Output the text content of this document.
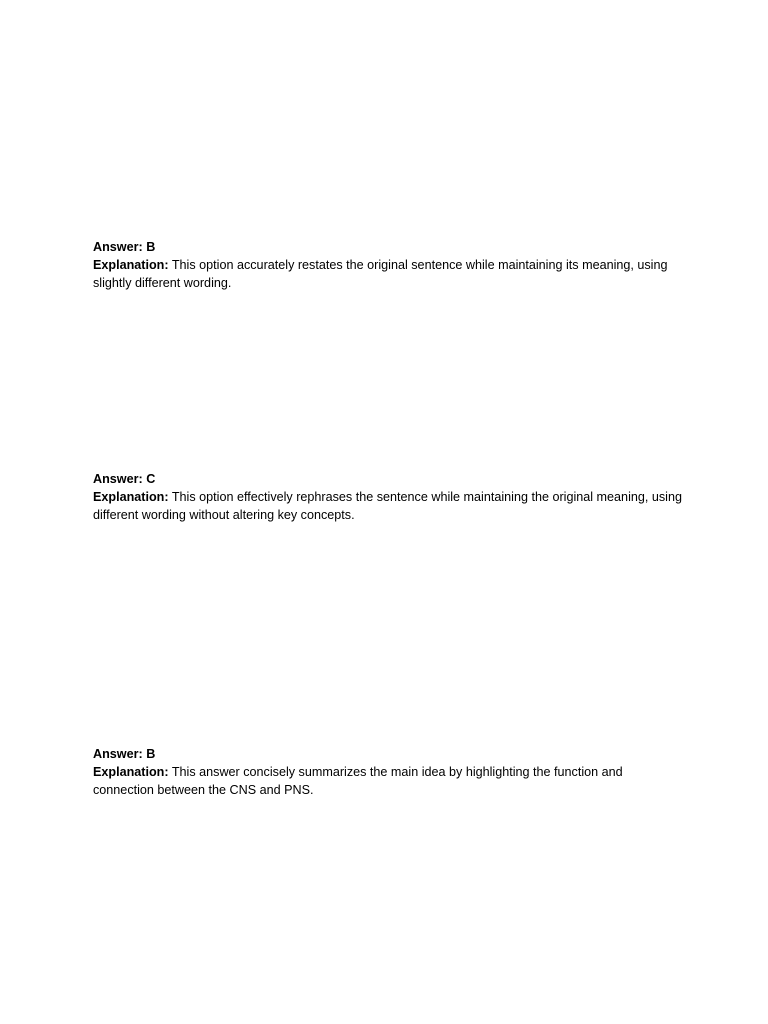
Answer: B

Explanation: This option accurately restates the original sentence while maintaining its meaning, using slightly different wording.

Answer: C

Explanation: This option effectively rephrases the sentence while maintaining the original meaning, using different wording without altering key concepts.

Answer: B

Explanation: This answer concisely summarizes the main idea by highlighting the function and connection between the CNS and PNS.
